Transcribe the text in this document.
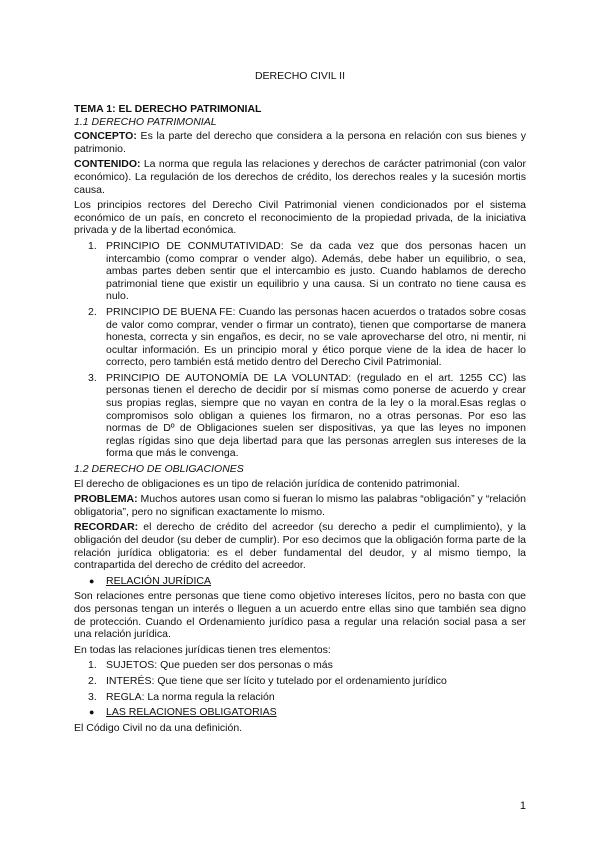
DERECHO CIVIL II
TEMA 1: EL DERECHO PATRIMONIAL
1.1 DERECHO PATRIMONIAL

CONCEPTO: Es la parte del derecho que considera a la persona en relación con sus bienes y patrimonio.

CONTENIDO: La norma que regula las relaciones y derechos de carácter patrimonial (con valor económico). La regulación de los derechos de crédito, los derechos reales y la sucesión mortis causa.

Los principios rectores del Derecho Civil Patrimonial vienen condicionados por el sistema económico de un país, en concreto el reconocimiento de la propiedad privada, de la iniciativa privada y de la libertad económica.

1. PRINCIPIO DE CONMUTATIVIDAD: Se da cada vez que dos personas hacen un intercambio (como comprar o vender algo). Además, debe haber un equilibrio, o sea, ambas partes deben sentir que el intercambio es justo. Cuando hablamos de derecho patrimonial tiene que existir un equilibrio y una causa. Si un contrato no tiene causa es nulo.
2. PRINCIPIO DE BUENA FE: Cuando las personas hacen acuerdos o tratados sobre cosas de valor como comprar, vender o firmar un contrato), tienen que comportarse de manera honesta, correcta y sin engaños, es decir, no se vale aprovecharse del otro, ni mentir, ni ocultar información. Es un principio moral y ético porque viene de la idea de hacer lo correcto, pero también está metido dentro del Derecho Civil Patrimonial.
3. PRINCIPIO DE AUTONOMÍA DE LA VOLUNTAD: (regulado en el art. 1255 CC) las personas tienen el derecho de decidir por sí mismas como ponerse de acuerdo y crear sus propias reglas, siempre que no vayan en contra de la ley o la moral.Esas reglas o compromisos solo obligan a quienes los firmaron, no a otras personas. Por eso las normas de Dº de Obligaciones suelen ser dispositivas, ya que las leyes no imponen reglas rígidas sino que deja libertad para que las personas arreglen sus intereses de la forma que más le convenga.
1.2 DERECHO DE OBLIGACIONES

El derecho de obligaciones es un tipo de relación jurídica de contenido patrimonial.

PROBLEMA: Muchos autores usan como si fueran lo mismo las palabras “obligación” y “relación obligatoria”, pero no significan exactamente lo mismo.

RECORDAR: el derecho de crédito del acreedor (su derecho a pedir el cumplimiento), y la obligación del deudor (su deber de cumplir). Por eso decimos que la obligación forma parte de la relación jurídica obligatoria: es el deber fundamental del deudor, y al mismo tiempo, la contrapartida del derecho de crédito del acreedor.

● RELACIÓN JURÍDICA

Son relaciones entre personas que tiene como objetivo intereses lícitos, pero no basta con que dos personas tengan un interés o lleguen a un acuerdo entre ellas sino que también sea digno de protección. Cuando el Ordenamiento jurídico pasa a regular una relación social pasa a ser una relación jurídica.

En todas las relaciones jurídicas tienen tres elementos:

1. SUJETOS: Que pueden ser dos personas o más
2. INTERÉS: Que tiene que ser lícito y tutelado por el ordenamiento jurídico
3. REGLA: La norma regula la relación
● LAS RELACIONES OBLIGATORIAS

El Código Civil no da una definición.

1
